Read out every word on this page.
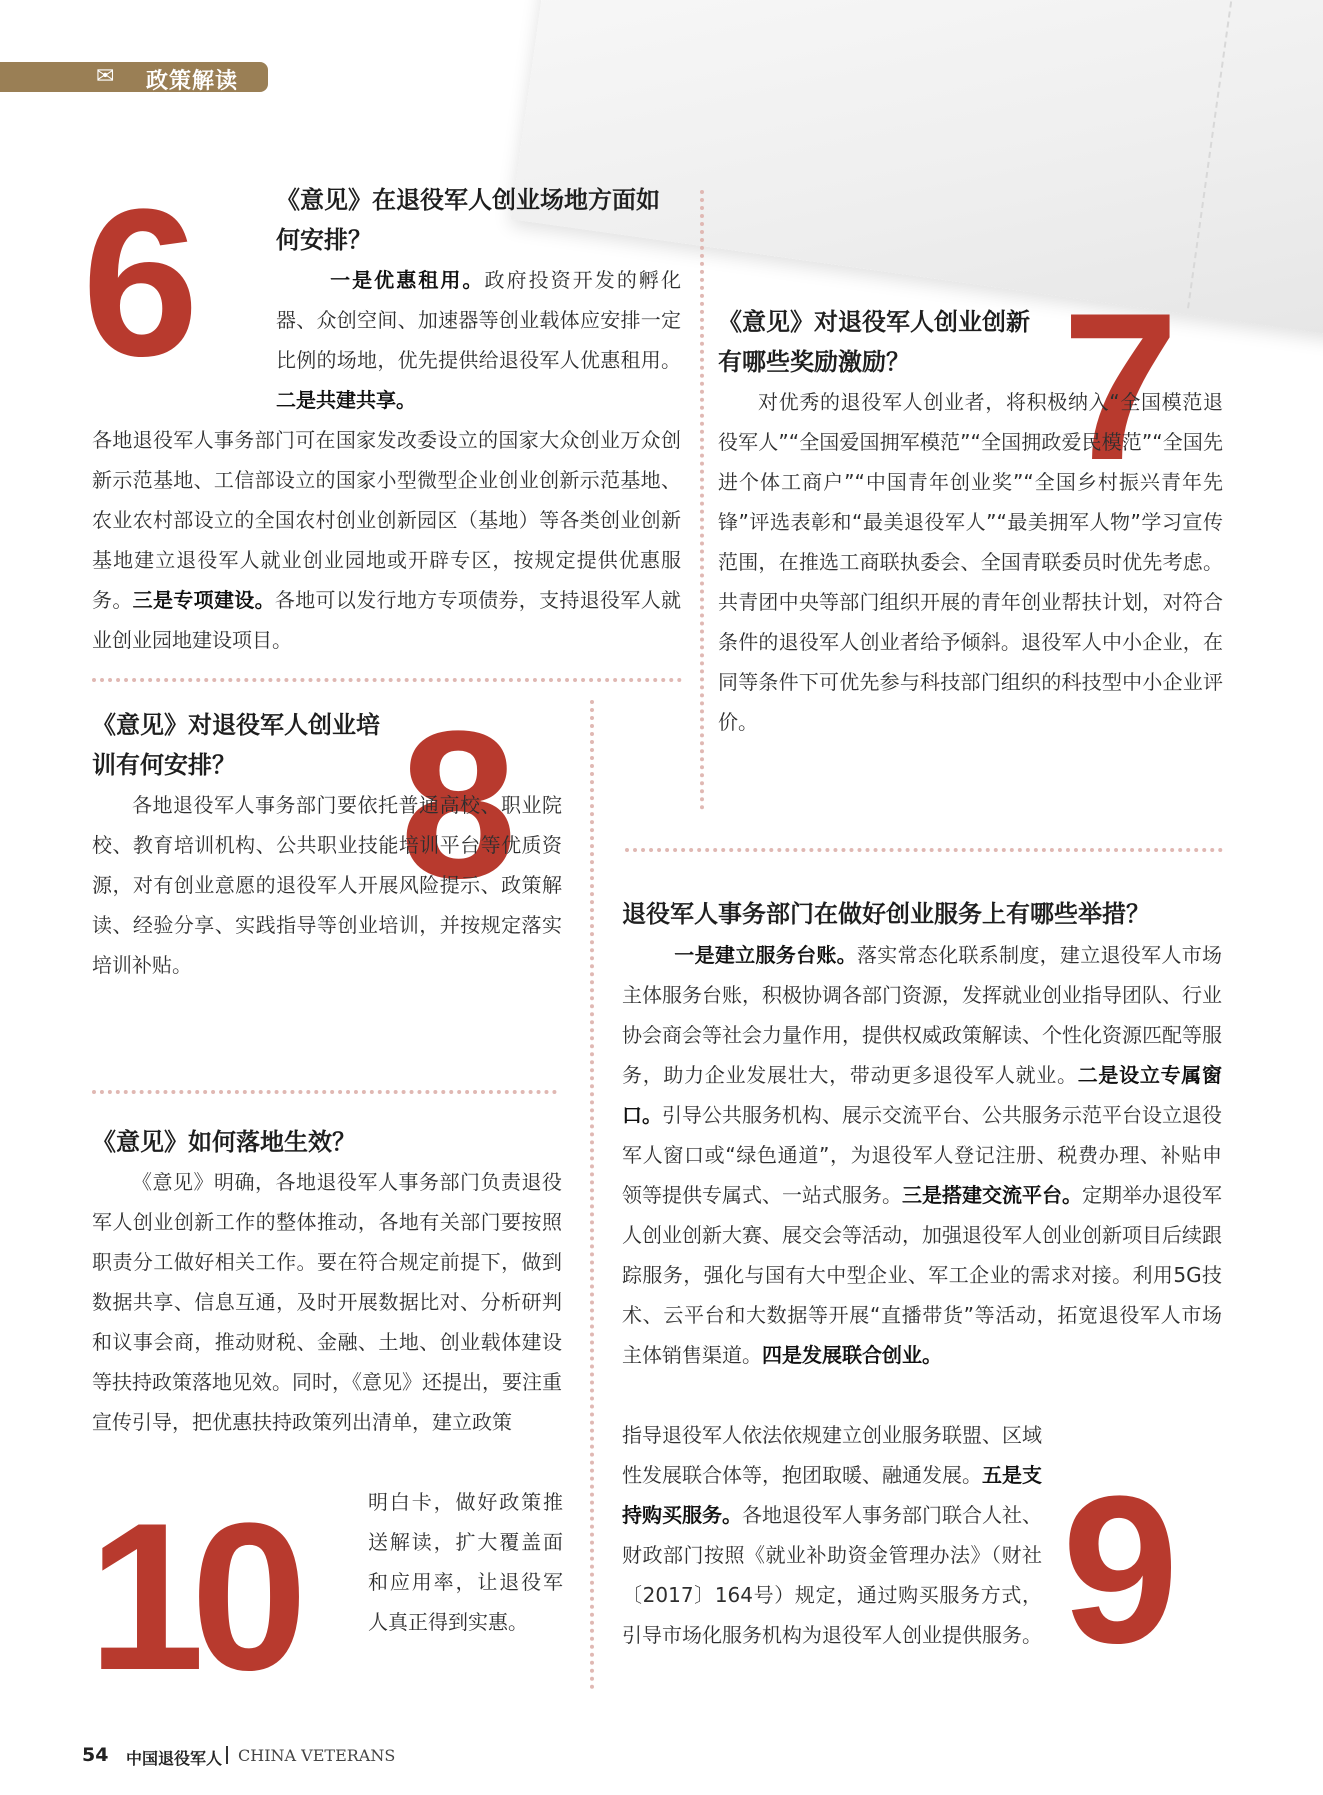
✉ 政策解读
6	《意见》在退役军人创业场地方面如何安排？
一是优惠租用。政府投资开发的孵化器、众创空间、加速器等创业载体应安排一定比例的场地，优先提供给退役军人优惠租用。二是共建共享。
各地退役军人事务部门可在国家发改委设立的国家大众创业万众创新示范基地、工信部设立的国家小型微型企业创业创新示范基地、农业农村部设立的全国农村创业创新园区（基地）等各类创业创新基地建立退役军人就业创业园地或开辟专区，按规定提供优惠服务。三是专项建设。各地可以发行地方专项债券，支持退役军人就业创业园地建设项目。
《意见》对退役军人创业创新有哪些奖励激励？ 7
对优秀的退役军人创业者，将积极纳入“全国模范退役军人”“全国爱国拥军模范”“全国拥政爱民模范”“全国先进个体工商户”“中国青年创业奖”“全国乡村振兴青年先锋”评选表彰和“最美退役军人”“最美拥军人物”学习宣传范围，在推选工商联执委会、全国青联委员时优先考虑。共青团中央等部门组织开展的青年创业帮扶计划，对符合条件的退役军人创业者给予倾斜。退役军人中小企业，在同等条件下可优先参与科技部门组织的科技型中小企业评价。
《意见》对退役军人创业培训有何安排？ 8
各地退役军人事务部门要依托普通高校、职业院校、教育培训机构、公共职业技能培训平台等优质资源，对有创业意愿的退役军人开展风险提示、政策解读、经验分享、实践指导等创业培训，并按规定落实培训补贴。
退役军人事务部门在做好创业服务上有哪些举措？
一是建立服务台账。落实常态化联系制度，建立退役军人市场主体服务台账，积极协调各部门资源，发挥就业创业指导团队、行业协会商会等社会力量作用，提供权威政策解读、个性化资源匹配等服务，助力企业发展壮大，带动更多退役军人就业。二是设立专属窗口。引导公共服务机构、展示交流平台、公共服务示范平台设立退役军人窗口或“绿色通道”，为退役军人登记注册、税费办理、补贴申领等提供专属式、一站式服务。三是搭建交流平台。定期举办退役军人创业创新大赛、展交会等活动，加强退役军人创业创新项目后续跟踪服务，强化与国有大中型企业、军工企业的需求对接。利用5G技术、云平台和大数据等开展“直播带货”等活动，拓宽退役军人市场主体销售渠道。四是发展联合创业。
指导退役军人依法依规建立创业服务联盟、区域性发展联合体等，抱团取暖、融通发展。五是支持购买服务。各地退役军人事务部门联合人社、财政部门按照《就业补助资金管理办法》（财社〔2017〕164号）规定，通过购买服务方式，引导市场化服务机构为退役军人创业提供服务。 9
《意见》如何落地生效？
《意见》明确，各地退役军人事务部门负责退役军人创业创新工作的整体推动，各地有关部门要按照职责分工做好相关工作。要在符合规定前提下，做到数据共享、信息互通，及时开展数据比对、分析研判和议事会商，推动财税、金融、土地、创业载体建设等扶持政策落地见效。同时，《意见》还提出，要注重宣传引导，把优惠扶持政策列出清单，建立政策
10	明白卡，做好政策推送解读，扩大覆盖面和应用率，让退役军人真正得到实惠。
54 中国退役军人 CHINA VETERANS
